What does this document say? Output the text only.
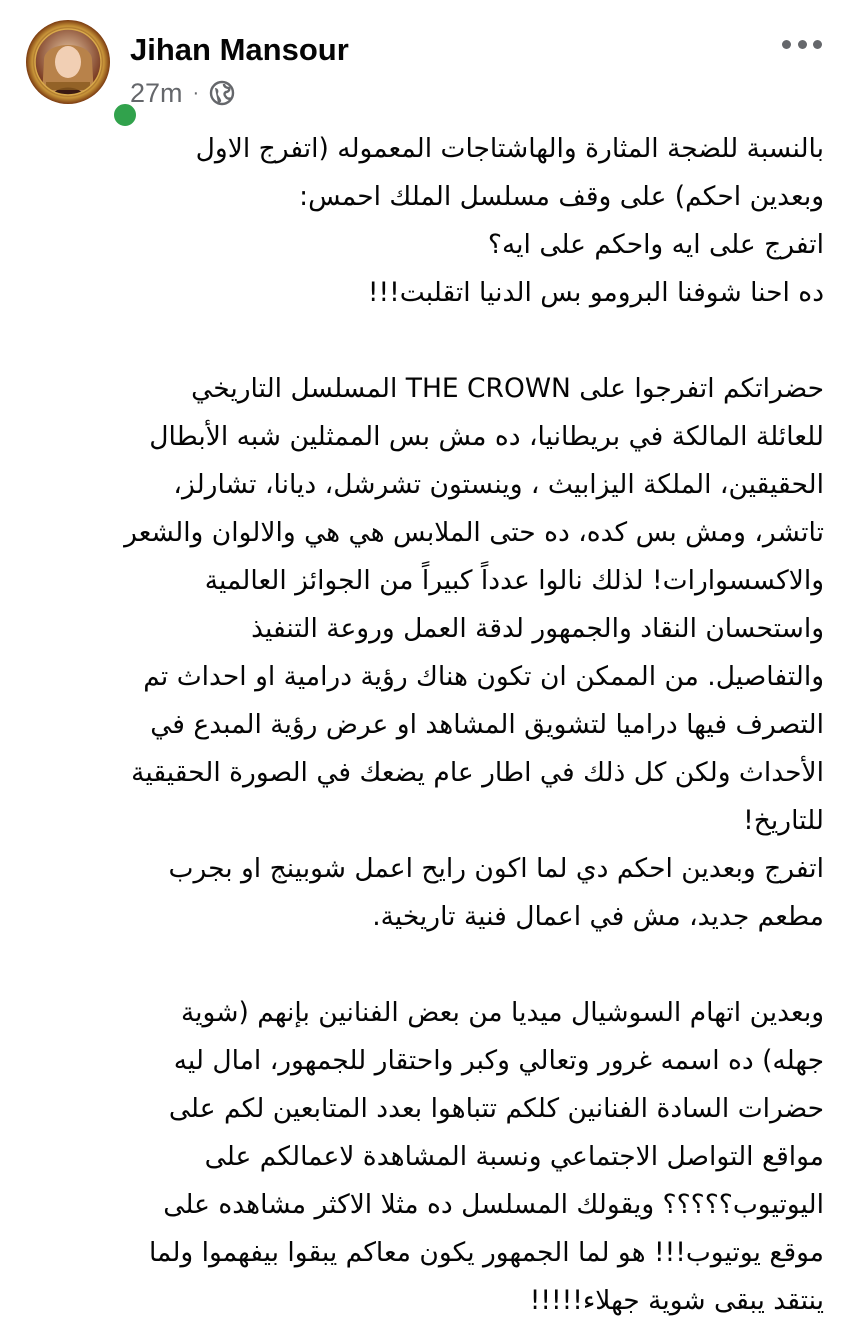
Jihan Mansour
27m ·

بالنسبة للضجة المثارة والهاشتاجات المعموله (اتفرج الاول
وبعدين احكم) على وقف مسلسل الملك احمس:
اتفرج على ايه واحكم على ايه؟
ده احنا شوفنا البرومو بس الدنيا اتقلبت!!!

حضراتكم اتفرجوا على THE CROWN المسلسل التاريخي
للعائلة المالكة في بريطانيا، ده مش بس الممثلين شبه الأبطال
الحقيقين، الملكة اليزابيث ، وينستون تشرشل، ديانا، تشارلز،
تاتشر، ومش بس كده، ده حتى الملابس هي هي والالوان والشعر
والاكسسوارات! لذلك نالوا عدداً كبيراً من الجوائز العالمية
واستحسان النقاد والجمهور لدقة العمل وروعة التنفيذ
والتفاصيل. من الممكن ان تكون هناك رؤية درامية او احداث تم
التصرف فيها دراميا لتشويق المشاهد او عرض رؤية المبدع في
الأحداث ولكن كل ذلك في اطار عام يضعك في الصورة الحقيقية
للتاريخ!
اتفرج وبعدين احكم دي لما اكون رايح اعمل شوبينج او بجرب
مطعم جديد، مش في اعمال فنية تاريخية.

وبعدين اتهام السوشيال ميديا من بعض الفنانين بإنهم (شوية
جهله) ده اسمه غرور وتعالي وكبر واحتقار للجمهور، امال ليه
حضرات السادة الفنانين كلكم تتباهوا بعدد المتابعين لكم على
مواقع التواصل الاجتماعي ونسبة المشاهدة لاعمالكم على
اليوتيوب؟؟؟؟؟ ويقولك المسلسل ده مثلا الاكثر مشاهده على
موقع يوتيوب!!! هو لما الجمهور يكون معاكم يبقوا بيفهموا ولما
ينتقد يبقى شوية جهلاء!!!!!
